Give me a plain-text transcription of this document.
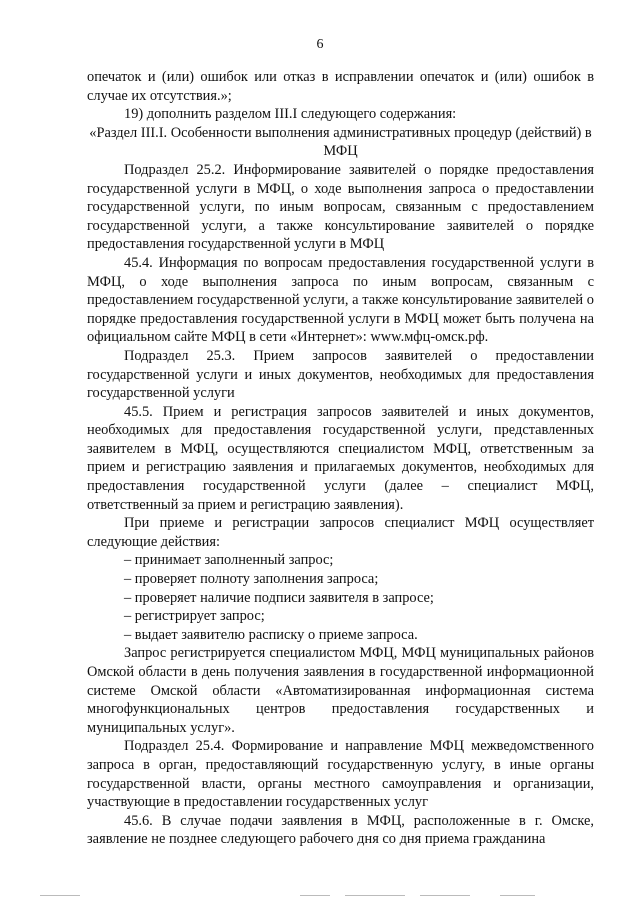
6

опечаток и (или) ошибок или отказ в исправлении опечаток и (или) ошибок в случае их отсутствия.»;

19) дополнить разделом III.I следующего содержания:

«Раздел III.I. Особенности выполнения административных процедур (действий) в МФЦ

Подраздел 25.2. Информирование заявителей о порядке предоставления государственной услуги в МФЦ, о ходе выполнения запроса о предоставлении государственной услуги, по иным вопросам, связанным с предоставлением государственной услуги, а также консультирование заявителей о порядке предоставления государственной услуги в МФЦ

45.4. Информация по вопросам предоставления государственной услуги в МФЦ, о ходе выполнения запроса по иным вопросам, связанным с предоставлением государственной услуги, а также консультирование заявителей о порядке предоставления государственной услуги в МФЦ может быть получена на официальном сайте МФЦ в сети «Интернет»: www.мфц-омск.рф.

Подраздел 25.3. Прием запросов заявителей о предоставлении государственной услуги и иных документов, необходимых для предоставления государственной услуги

45.5. Прием и регистрация запросов заявителей и иных документов, необходимых для предоставления государственной услуги, представленных заявителем в МФЦ, осуществляются специалистом МФЦ, ответственным за прием и регистрацию заявления и прилагаемых документов, необходимых для предоставления государственной услуги (далее – специалист МФЦ, ответственный за прием и регистрацию заявления).

При приеме и регистрации запросов специалист МФЦ осуществляет следующие действия:

– принимает заполненный запрос;

– проверяет полноту заполнения запроса;

– проверяет наличие подписи заявителя в запросе;

– регистрирует запрос;

– выдает заявителю расписку о приеме запроса.

Запрос регистрируется специалистом МФЦ, МФЦ муниципальных районов Омской области в день получения заявления в государственной информационной системе Омской области «Автоматизированная информационная система многофункциональных центров предоставления государственных и муниципальных услуг».

Подраздел 25.4. Формирование и направление МФЦ межведомственного запроса в орган, предоставляющий государственную услугу, в иные органы государственной власти, органы местного самоуправления и организации, участвующие в предоставлении государственных услуг

45.6. В случае подачи заявления в МФЦ, расположенные в г. Омске, заявление не позднее следующего рабочего дня со дня приема гражданина
